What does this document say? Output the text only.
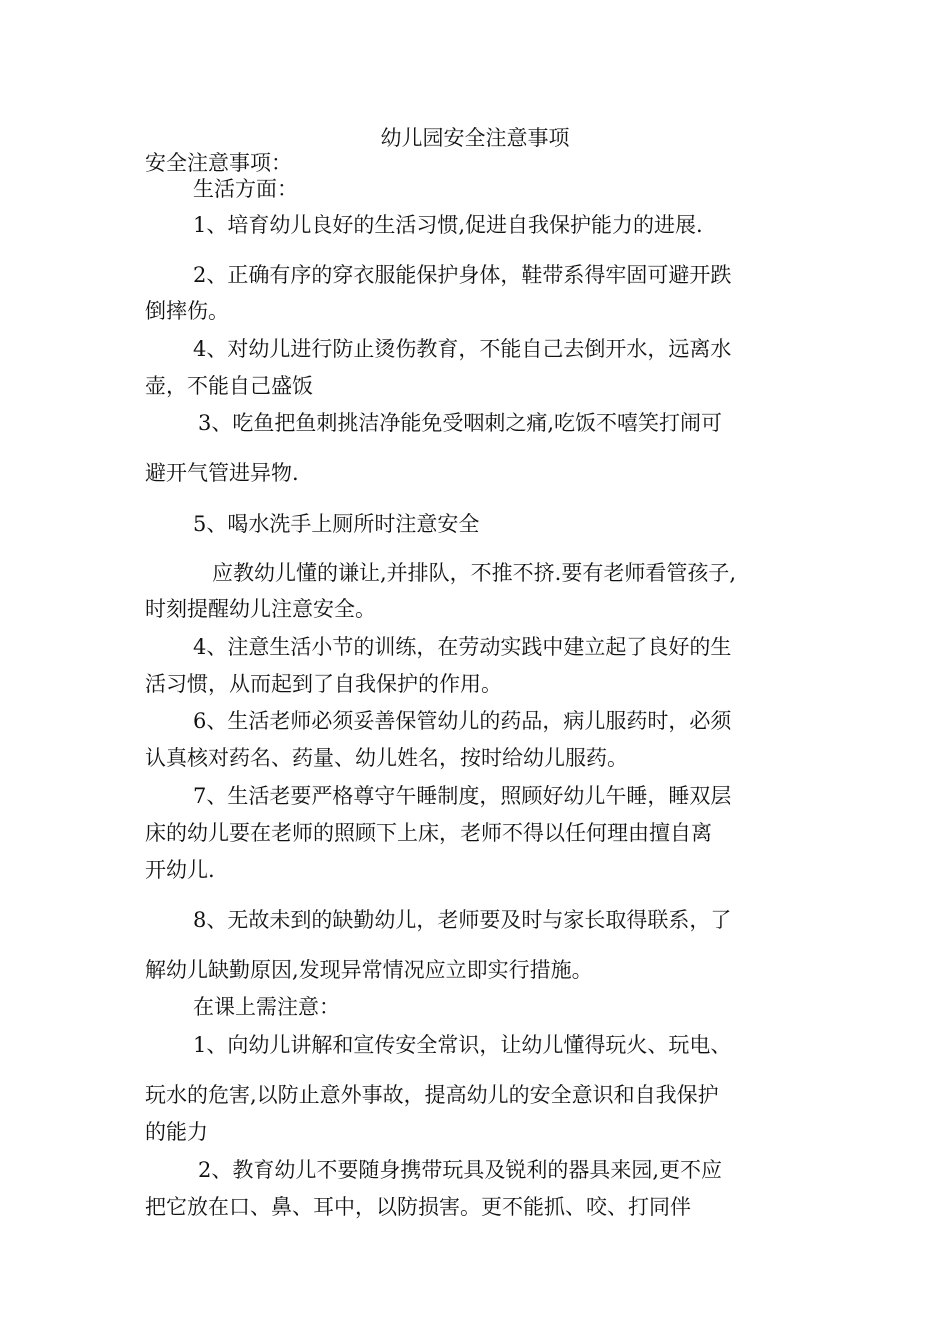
幼儿园安全注意事项
安全注意事项：
生活方面：
1、培育幼儿良好的生活习惯,促进自我保护能力的进展.
2、正确有序的穿衣服能保护身体，鞋带系得牢固可避开跌
倒摔伤。
4、对幼儿进行防止烫伤教育，不能自己去倒开水，远离水
壶，不能自己盛饭
3、吃鱼把鱼刺挑洁净能免受咽刺之痛,吃饭不嘻笑打闹可
避开气管进异物.
5、喝水洗手上厕所时注意安全
应教幼儿懂的谦让,并排队，不推不挤.要有老师看管孩子,
时刻提醒幼儿注意安全。
4、注意生活小节的训练，在劳动实践中建立起了良好的生
活习惯，从而起到了自我保护的作用。
6、生活老师必须妥善保管幼儿的药品，病儿服药时，必须
认真核对药名、药量、幼儿姓名，按时给幼儿服药。
7、生活老要严格尊守午睡制度，照顾好幼儿午睡，睡双层
床的幼儿要在老师的照顾下上床，老师不得以任何理由擅自离
开幼儿.
8、无故未到的缺勤幼儿，老师要及时与家长取得联系，了
解幼儿缺勤原因,发现异常情况应立即实行措施。
在课上需注意：
1、向幼儿讲解和宣传安全常识，让幼儿懂得玩火、玩电、
玩水的危害,以防止意外事故，提高幼儿的安全意识和自我保护
的能力
2、教育幼儿不要随身携带玩具及锐利的器具来园,更不应
把它放在口、鼻、耳中，以防损害。更不能抓、咬、打同伴
